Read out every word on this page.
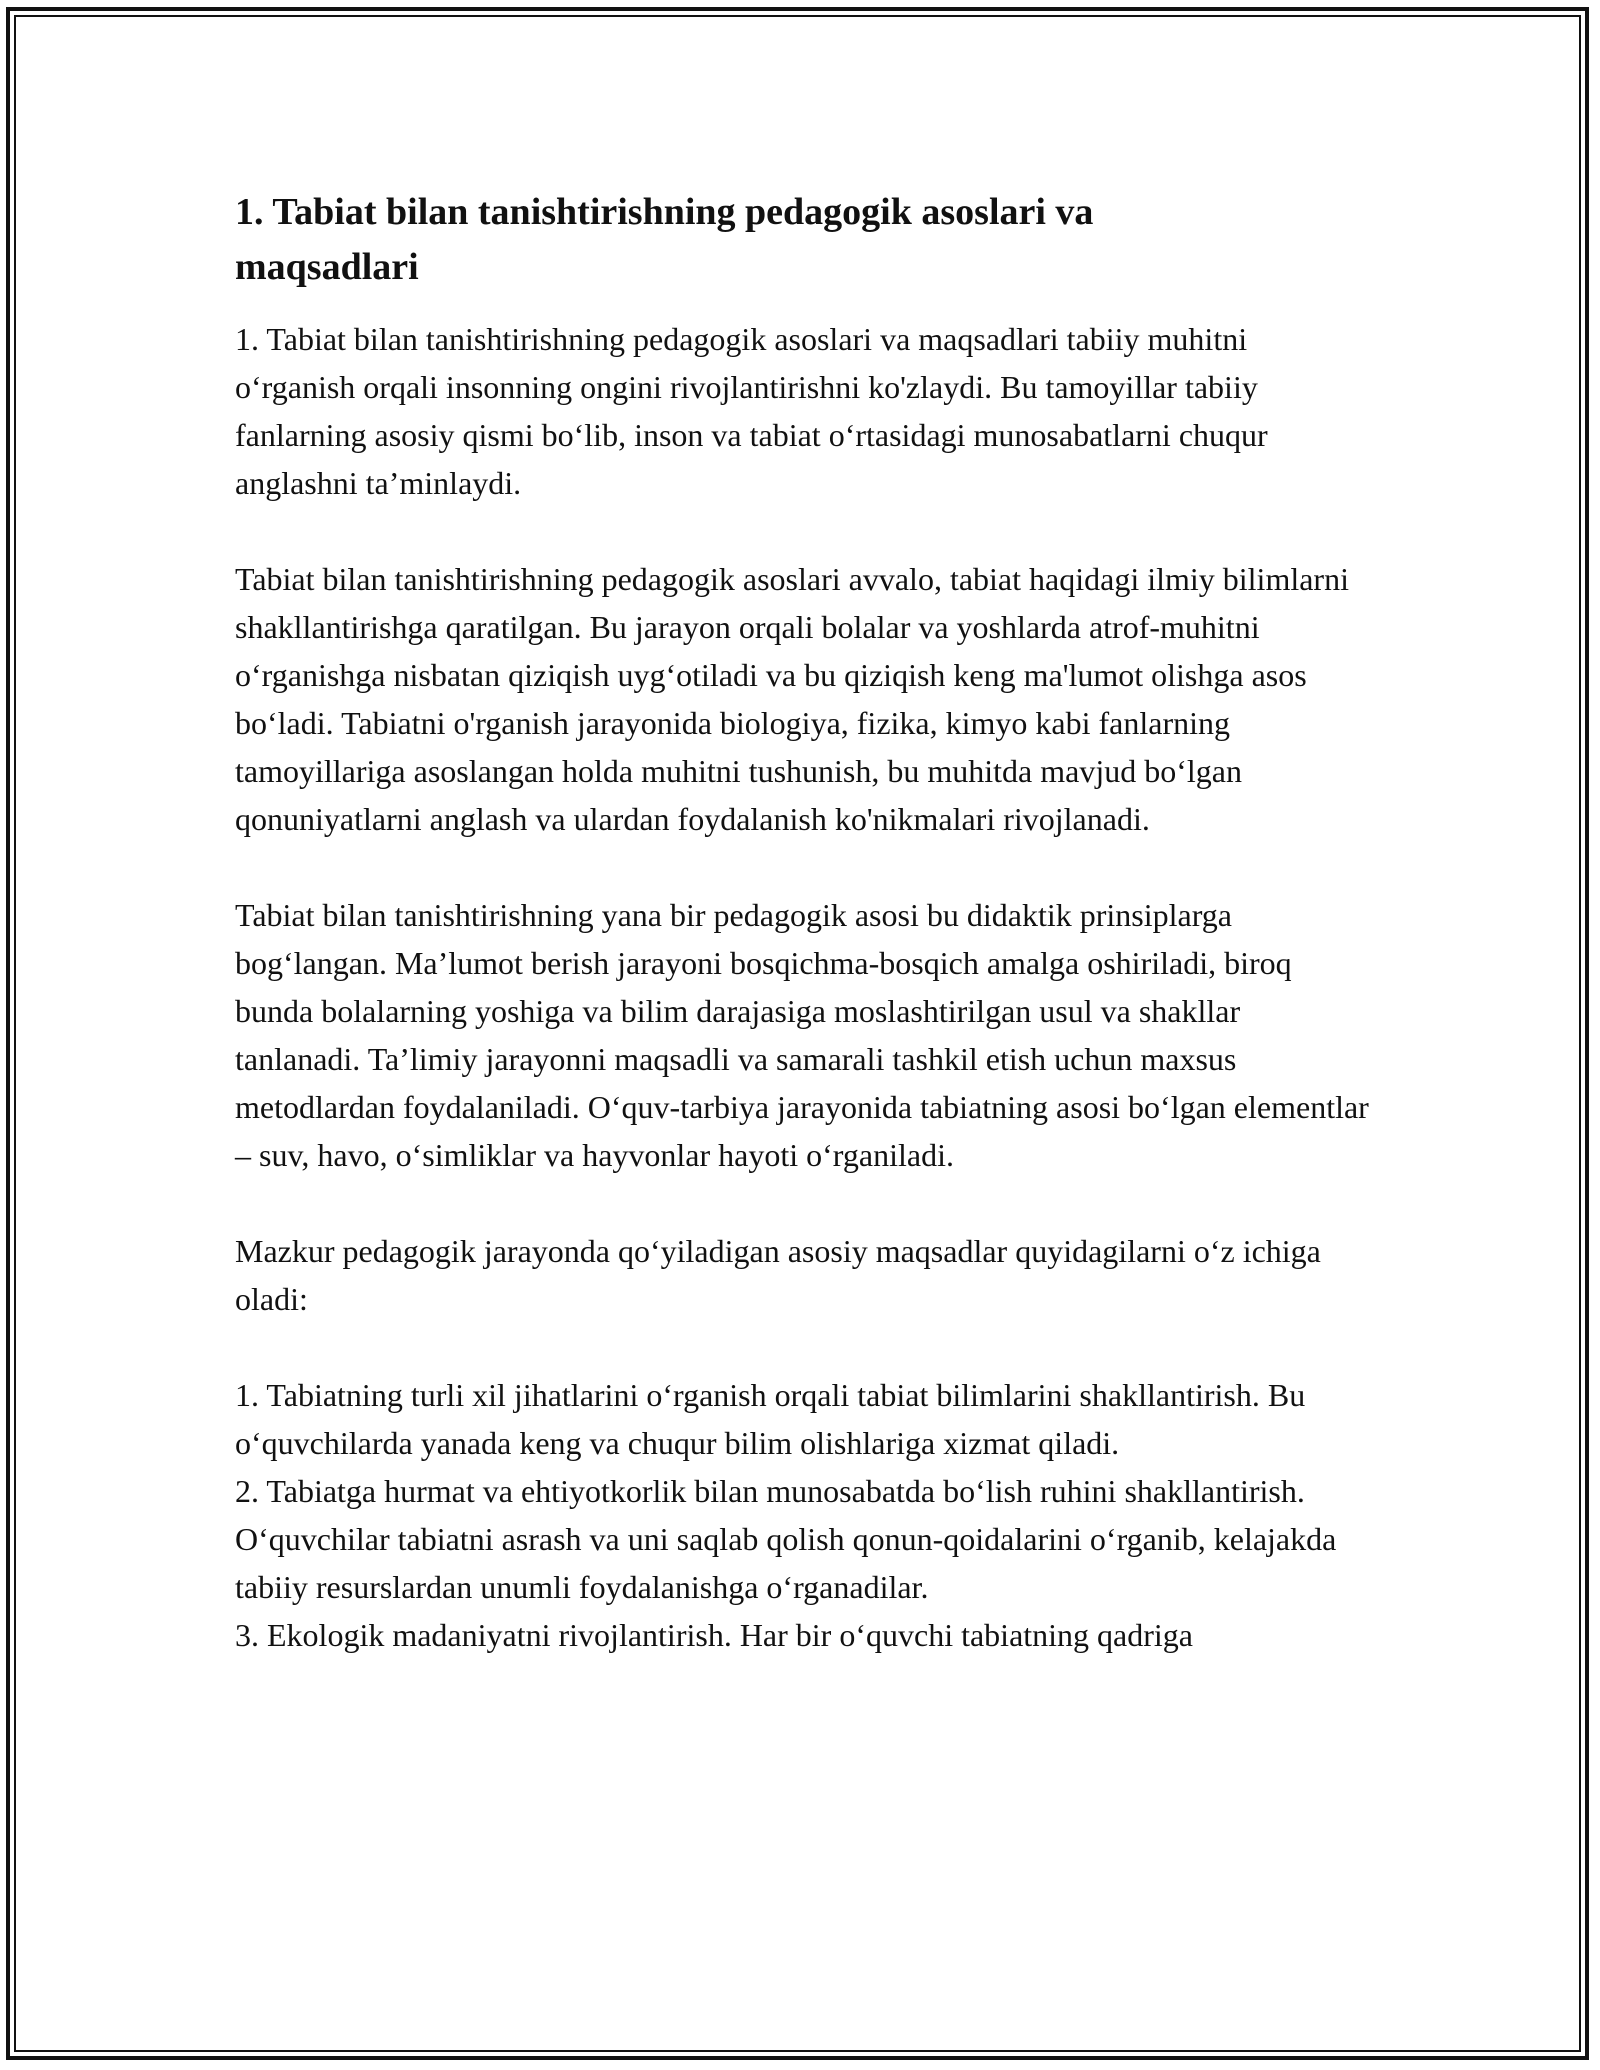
1. Tabiat bilan tanishtirishning pedagogik asoslari va
maqsadlari

1. Tabiat bilan tanishtirishning pedagogik asoslari va maqsadlari tabiiy muhitni o‘rganish orqali insonning ongini rivojlantirishni ko'zlaydi. Bu tamoyillar tabiiy fanlarning asosiy qismi bo‘lib, inson va tabiat o‘rtasidagi munosabatlarni chuqur anglashni ta’minlaydi.

Tabiat bilan tanishtirishning pedagogik asoslari avvalo, tabiat haqidagi ilmiy bilimlarni shakllantirishga qaratilgan. Bu jarayon orqali bolalar va yoshlarda atrof-muhitni o‘rganishga nisbatan qiziqish uyg‘otiladi va bu qiziqish keng ma'lumot olishga asos bo‘ladi. Tabiatni o'rganish jarayonida biologiya, fizika, kimyo kabi fanlarning tamoyillariga asoslangan holda muhitni tushunish, bu muhitda mavjud bo‘lgan qonuniyatlarni anglash va ulardan foydalanish ko'nikmalari rivojlanadi.

Tabiat bilan tanishtirishning yana bir pedagogik asosi bu didaktik prinsiplarga bog‘langan. Ma’lumot berish jarayoni bosqichma-bosqich amalga oshiriladi, biroq bunda bolalarning yoshiga va bilim darajasiga moslashtirilgan usul va shakllar tanlanadi. Ta’limiy jarayonni maqsadli va samarali tashkil etish uchun maxsus metodlardan foydalaniladi. O‘quv-tarbiya jarayonida tabiatning asosi bo‘lgan elementlar – suv, havo, o‘simliklar va hayvonlar hayoti o‘rganiladi.

Mazkur pedagogik jarayonda qo‘yiladigan asosiy maqsadlar quyidagilarni o‘z ichiga oladi:

1. Tabiatning turli xil jihatlarini o‘rganish orqali tabiat bilimlarini shakllantirish. Bu o‘quvchilarda yanada keng va chuqur bilim olishlariga xizmat qiladi.

2. Tabiatga hurmat va ehtiyotkorlik bilan munosabatda bo‘lish ruhini shakllantirish. O‘quvchilar tabiatni asrash va uni saqlab qolish qonun-qoidalarini o‘rganib, kelajakda tabiiy resurslardan unumli foydalanishga o‘rganadilar.

3. Ekologik madaniyatni rivojlantirish. Har bir o‘quvchi tabiatning qadriga
